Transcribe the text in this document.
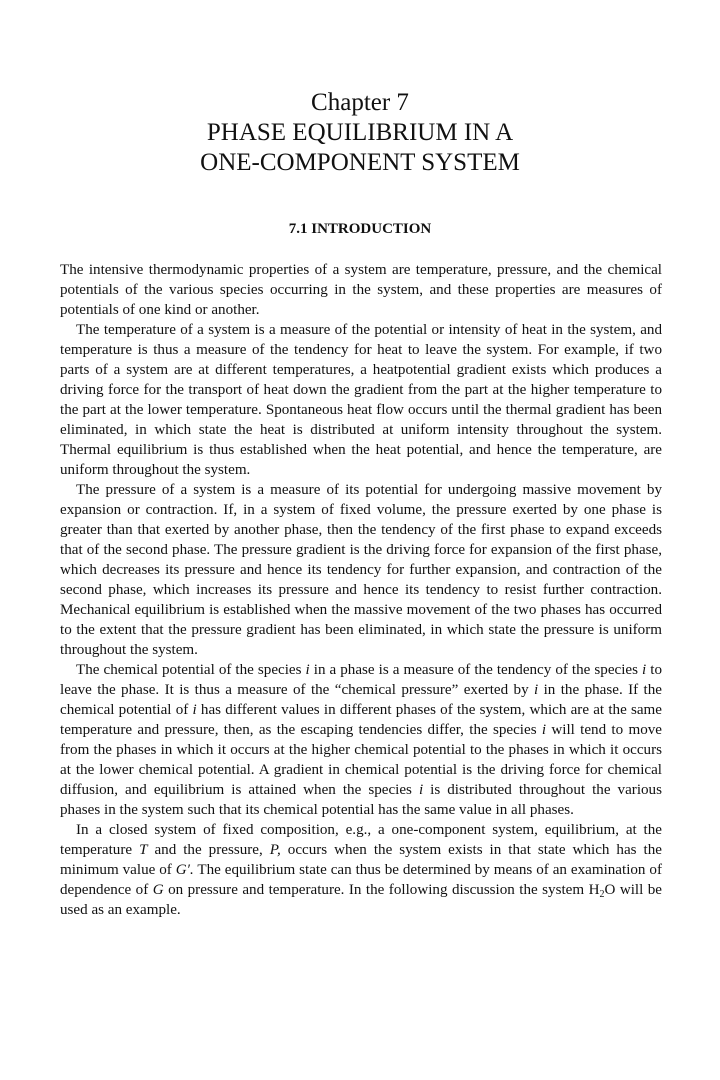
Chapter 7
PHASE EQUILIBRIUM IN A
ONE-COMPONENT SYSTEM
7.1 INTRODUCTION

The intensive thermodynamic properties of a system are temperature, pressure, and the chemical potentials of the various species occurring in the system, and these properties are measures of potentials of one kind or another.

The temperature of a system is a measure of the potential or intensity of heat in the system, and temperature is thus a measure of the tendency for heat to leave the system. For example, if two parts of a system are at different temperatures, a heatpotential gradient exists which produces a driving force for the transport of heat down the gradient from the part at the higher temperature to the part at the lower temperature. Spontaneous heat flow occurs until the thermal gradient has been eliminated, in which state the heat is distributed at uniform intensity throughout the system. Thermal equilibrium is thus established when the heat potential, and hence the temperature, are uniform throughout the system.

The pressure of a system is a measure of its potential for undergoing massive movement by expansion or contraction. If, in a system of fixed volume, the pressure exerted by one phase is greater than that exerted by another phase, then the tendency of the first phase to expand exceeds that of the second phase. The pressure gradient is the driving force for expansion of the first phase, which decreases its pressure and hence its tendency for further expansion, and contraction of the second phase, which increases its pressure and hence its tendency to resist further contraction. Mechanical equilibrium is established when the massive movement of the two phases has occurred to the extent that the pressure gradient has been eliminated, in which state the pressure is uniform throughout the system.

The chemical potential of the species i in a phase is a measure of the tendency of the species i to leave the phase. It is thus a measure of the “chemical pressure” exerted by i in the phase. If the chemical potential of i has different values in different phases of the system, which are at the same temperature and pressure, then, as the escaping tendencies differ, the species i will tend to move from the phases in which it occurs at the higher chemical potential to the phases in which it occurs at the lower chemical potential. A gradient in chemical potential is the driving force for chemical diffusion, and equilibrium is attained when the species i is distributed throughout the various phases in the system such that its chemical potential has the same value in all phases.

In a closed system of fixed composition, e.g., a one-component system, equilibrium, at the temperature T and the pressure, P, occurs when the system exists in that state which has the minimum value of G′. The equilibrium state can thus be determined by means of an examination of dependence of G on pressure and temperature. In the following discussion the system $H_2O$ will be used as an example.
